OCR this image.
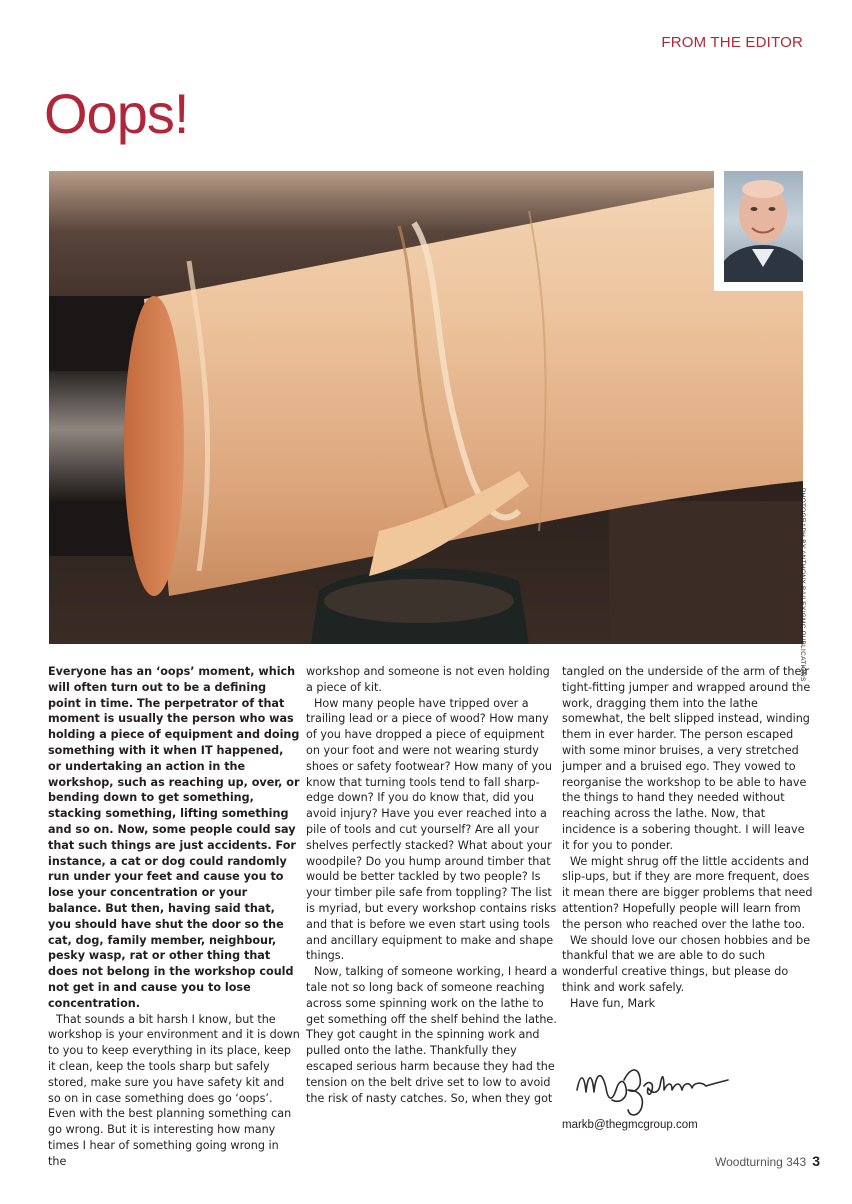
FROM THE EDITOR
Oops!
PHOTOGRAPH BY ANTHONY BAILEY/GMC PUBLICATIONS

Everyone has an ‘oops’ moment, which will often turn out to be a defining point in time. The perpetrator of that moment is usually the person who was holding a piece of equipment and doing something with it when IT happened, or undertaking an action in the workshop, such as reaching up, over, or bending down to get something, stacking something, lifting something and so on. Now, some people could say that such things are just accidents. For instance, a cat or dog could randomly run under your feet and cause you to lose your concentration or your balance. But then, having said that, you should have shut the door so the cat, dog, family member, neighbour, pesky wasp, rat or other thing that does not belong in the workshop could not get in and cause you to lose concentration.

That sounds a bit harsh I know, but the workshop is your environment and it is down to you to keep everything in its place, keep it clean, keep the tools sharp but safely stored, make sure you have safety kit and so on in case something does go ‘oops’. Even with the best planning something can go wrong. But it is interesting how many times I hear of something going wrong in the

workshop and someone is not even holding a piece of kit.

How many people have tripped over a trailing lead or a piece of wood? How many of you have dropped a piece of equipment on your foot and were not wearing sturdy shoes or safety footwear? How many of you know that turning tools tend to fall sharp-edge down? If you do know that, did you avoid injury? Have you ever reached into a pile of tools and cut yourself? Are all your shelves perfectly stacked? What about your woodpile? Do you hump around timber that would be better tackled by two people? Is your timber pile safe from toppling? The list is myriad, but every workshop contains risks and that is before we even start using tools and ancillary equipment to make and shape things.

Now, talking of someone working, I heard a tale not so long back of someone reaching across some spinning work on the lathe to get something off the shelf behind the lathe. They got caught in the spinning work and pulled onto the lathe. Thankfully they escaped serious harm because they had the tension on the belt drive set to low to avoid the risk of nasty catches. So, when they got

tangled on the underside of the arm of their tight-fitting jumper and wrapped around the work, dragging them into the lathe somewhat, the belt slipped instead, winding them in ever harder. The person escaped with some minor bruises, a very stretched jumper and a bruised ego. They vowed to reorganise the workshop to be able to have the things to hand they needed without reaching across the lathe. Now, that incidence is a sobering thought. I will leave it for you to ponder.

We might shrug off the little accidents and slip-ups, but if they are more frequent, does it mean there are bigger problems that need attention? Hopefully people will learn from the person who reached over the lathe too.

We should love our chosen hobbies and be thankful that we are able to do such wonderful creative things, but please do think and work safely.

Have fun, Mark

markb@thegmcgroup.com
Woodturning 343 3
